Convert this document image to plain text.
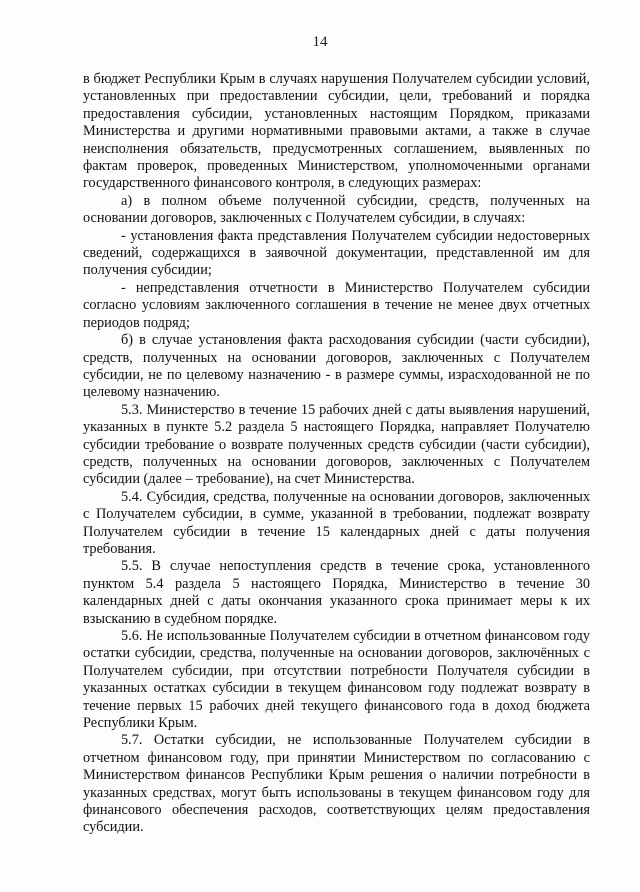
14

в бюджет Республики Крым в случаях нарушения Получателем субсидии условий, установленных при предоставлении субсидии, цели, требований и порядка предоставления субсидии, установленных настоящим Порядком, приказами Министерства и другими нормативными правовыми актами, а также в случае неисполнения обязательств, предусмотренных соглашением, выявленных по фактам проверок, проведенных Министерством, уполномоченными органами государственного финансового контроля, в следующих размерах:

а) в полном объеме полученной субсидии, средств, полученных на основании договоров, заключенных с Получателем субсидии, в случаях:

- установления факта представления Получателем субсидии недостоверных сведений, содержащихся в заявочной документации, представленной им для получения субсидии;

- непредставления отчетности в Министерство Получателем субсидии согласно условиям заключенного соглашения в течение не менее двух отчетных периодов подряд;

б) в случае установления факта расходования субсидии (части субсидии), средств, полученных на основании договоров, заключенных с Получателем субсидии, не по целевому назначению - в размере суммы, израсходованной не по целевому назначению.

5.3. Министерство в течение 15 рабочих дней с даты выявления нарушений, указанных в пункте 5.2 раздела 5 настоящего Порядка, направляет Получателю субсидии требование о возврате полученных средств субсидии (части субсидии), средств, полученных на основании договоров, заключенных с Получателем субсидии (далее – требование), на счет Министерства.

5.4. Субсидия, средства, полученные на основании договоров, заключенных с Получателем субсидии, в сумме, указанной в требовании, подлежат возврату Получателем субсидии в течение 15 календарных дней с даты получения требования.

5.5. В случае непоступления средств в течение срока, установленного пунктом 5.4 раздела 5 настоящего Порядка, Министерство в течение 30 календарных дней с даты окончания указанного срока принимает меры к их взысканию в судебном порядке.

5.6. Не использованные Получателем субсидии в отчетном финансовом году остатки субсидии, средства, полученные на основании договоров, заключённых с Получателем субсидии, при отсутствии потребности Получателя субсидии в указанных остатках субсидии в текущем финансовом году подлежат возврату в течение первых 15 рабочих дней текущего финансового года в доход бюджета Республики Крым.

5.7. Остатки субсидии, не использованные Получателем субсидии в отчетном финансовом году, при принятии Министерством по согласованию с Министерством финансов Республики Крым решения о наличии потребности в указанных средствах, могут быть использованы в текущем финансовом году для финансового обеспечения расходов, соответствующих целям предоставления субсидии.
